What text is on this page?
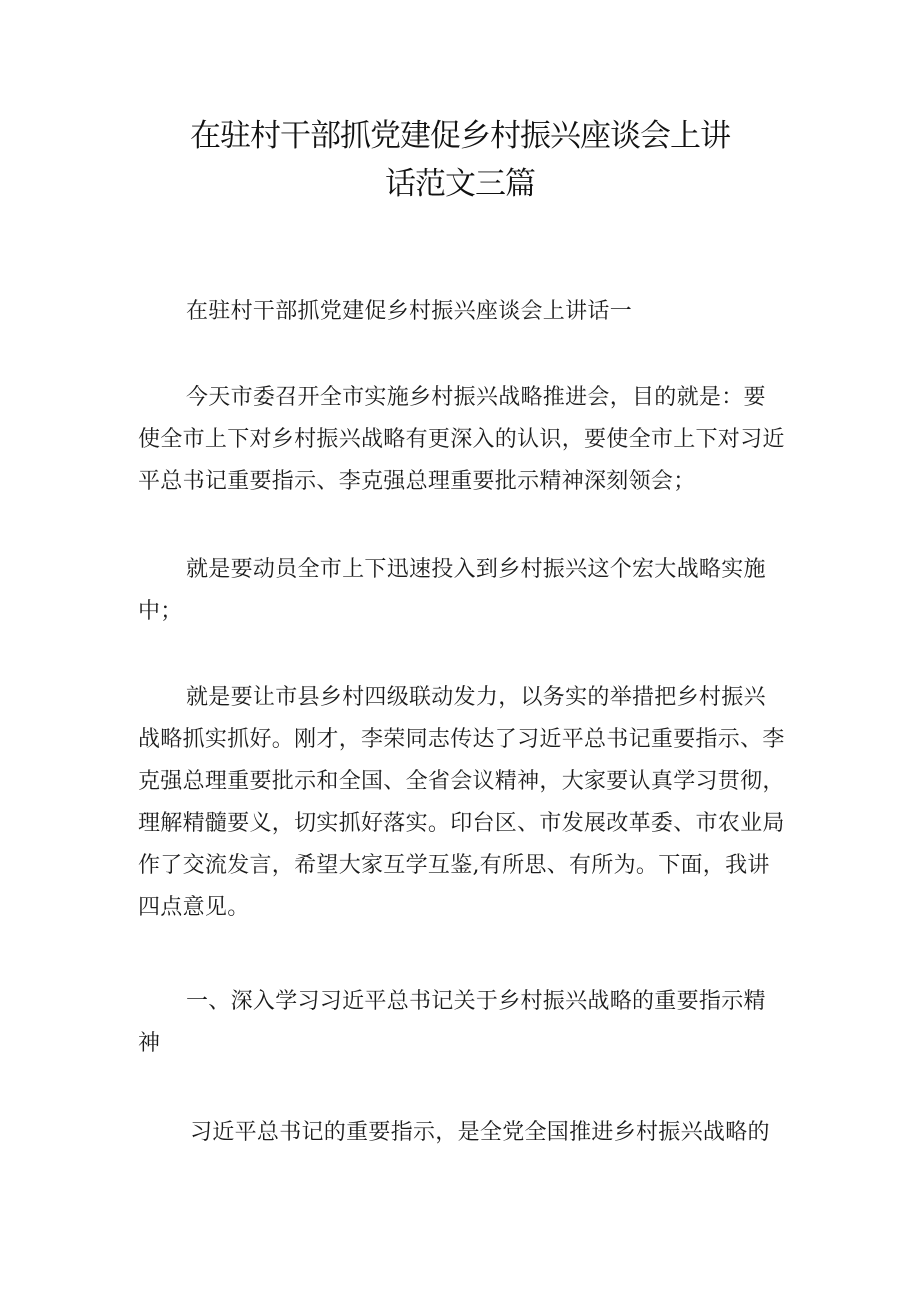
在驻村干部抓党建促乡村振兴座谈会上讲
话范文三篇

在驻村干部抓党建促乡村振兴座谈会上讲话一

今天市委召开全市实施乡村振兴战略推进会，目的就是：要使全市上下对乡村振兴战略有更深入的认识，要使全市上下对习近平总书记重要指示、李克强总理重要批示精神深刻领会；

就是要动员全市上下迅速投入到乡村振兴这个宏大战略实施中；

就是要让市县乡村四级联动发力，以务实的举措把乡村振兴战略抓实抓好。刚才，李荣同志传达了习近平总书记重要指示、李克强总理重要批示和全国、全省会议精神，大家要认真学习贯彻，理解精髓要义，切实抓好落实。印台区、市发展改革委、市农业局作了交流发言，希望大家互学互鉴,有所思、有所为。下面，我讲四点意见。

一、深入学习习近平总书记关于乡村振兴战略的重要指示精神

习近平总书记的重要指示，是全党全国推进乡村振兴战略的
